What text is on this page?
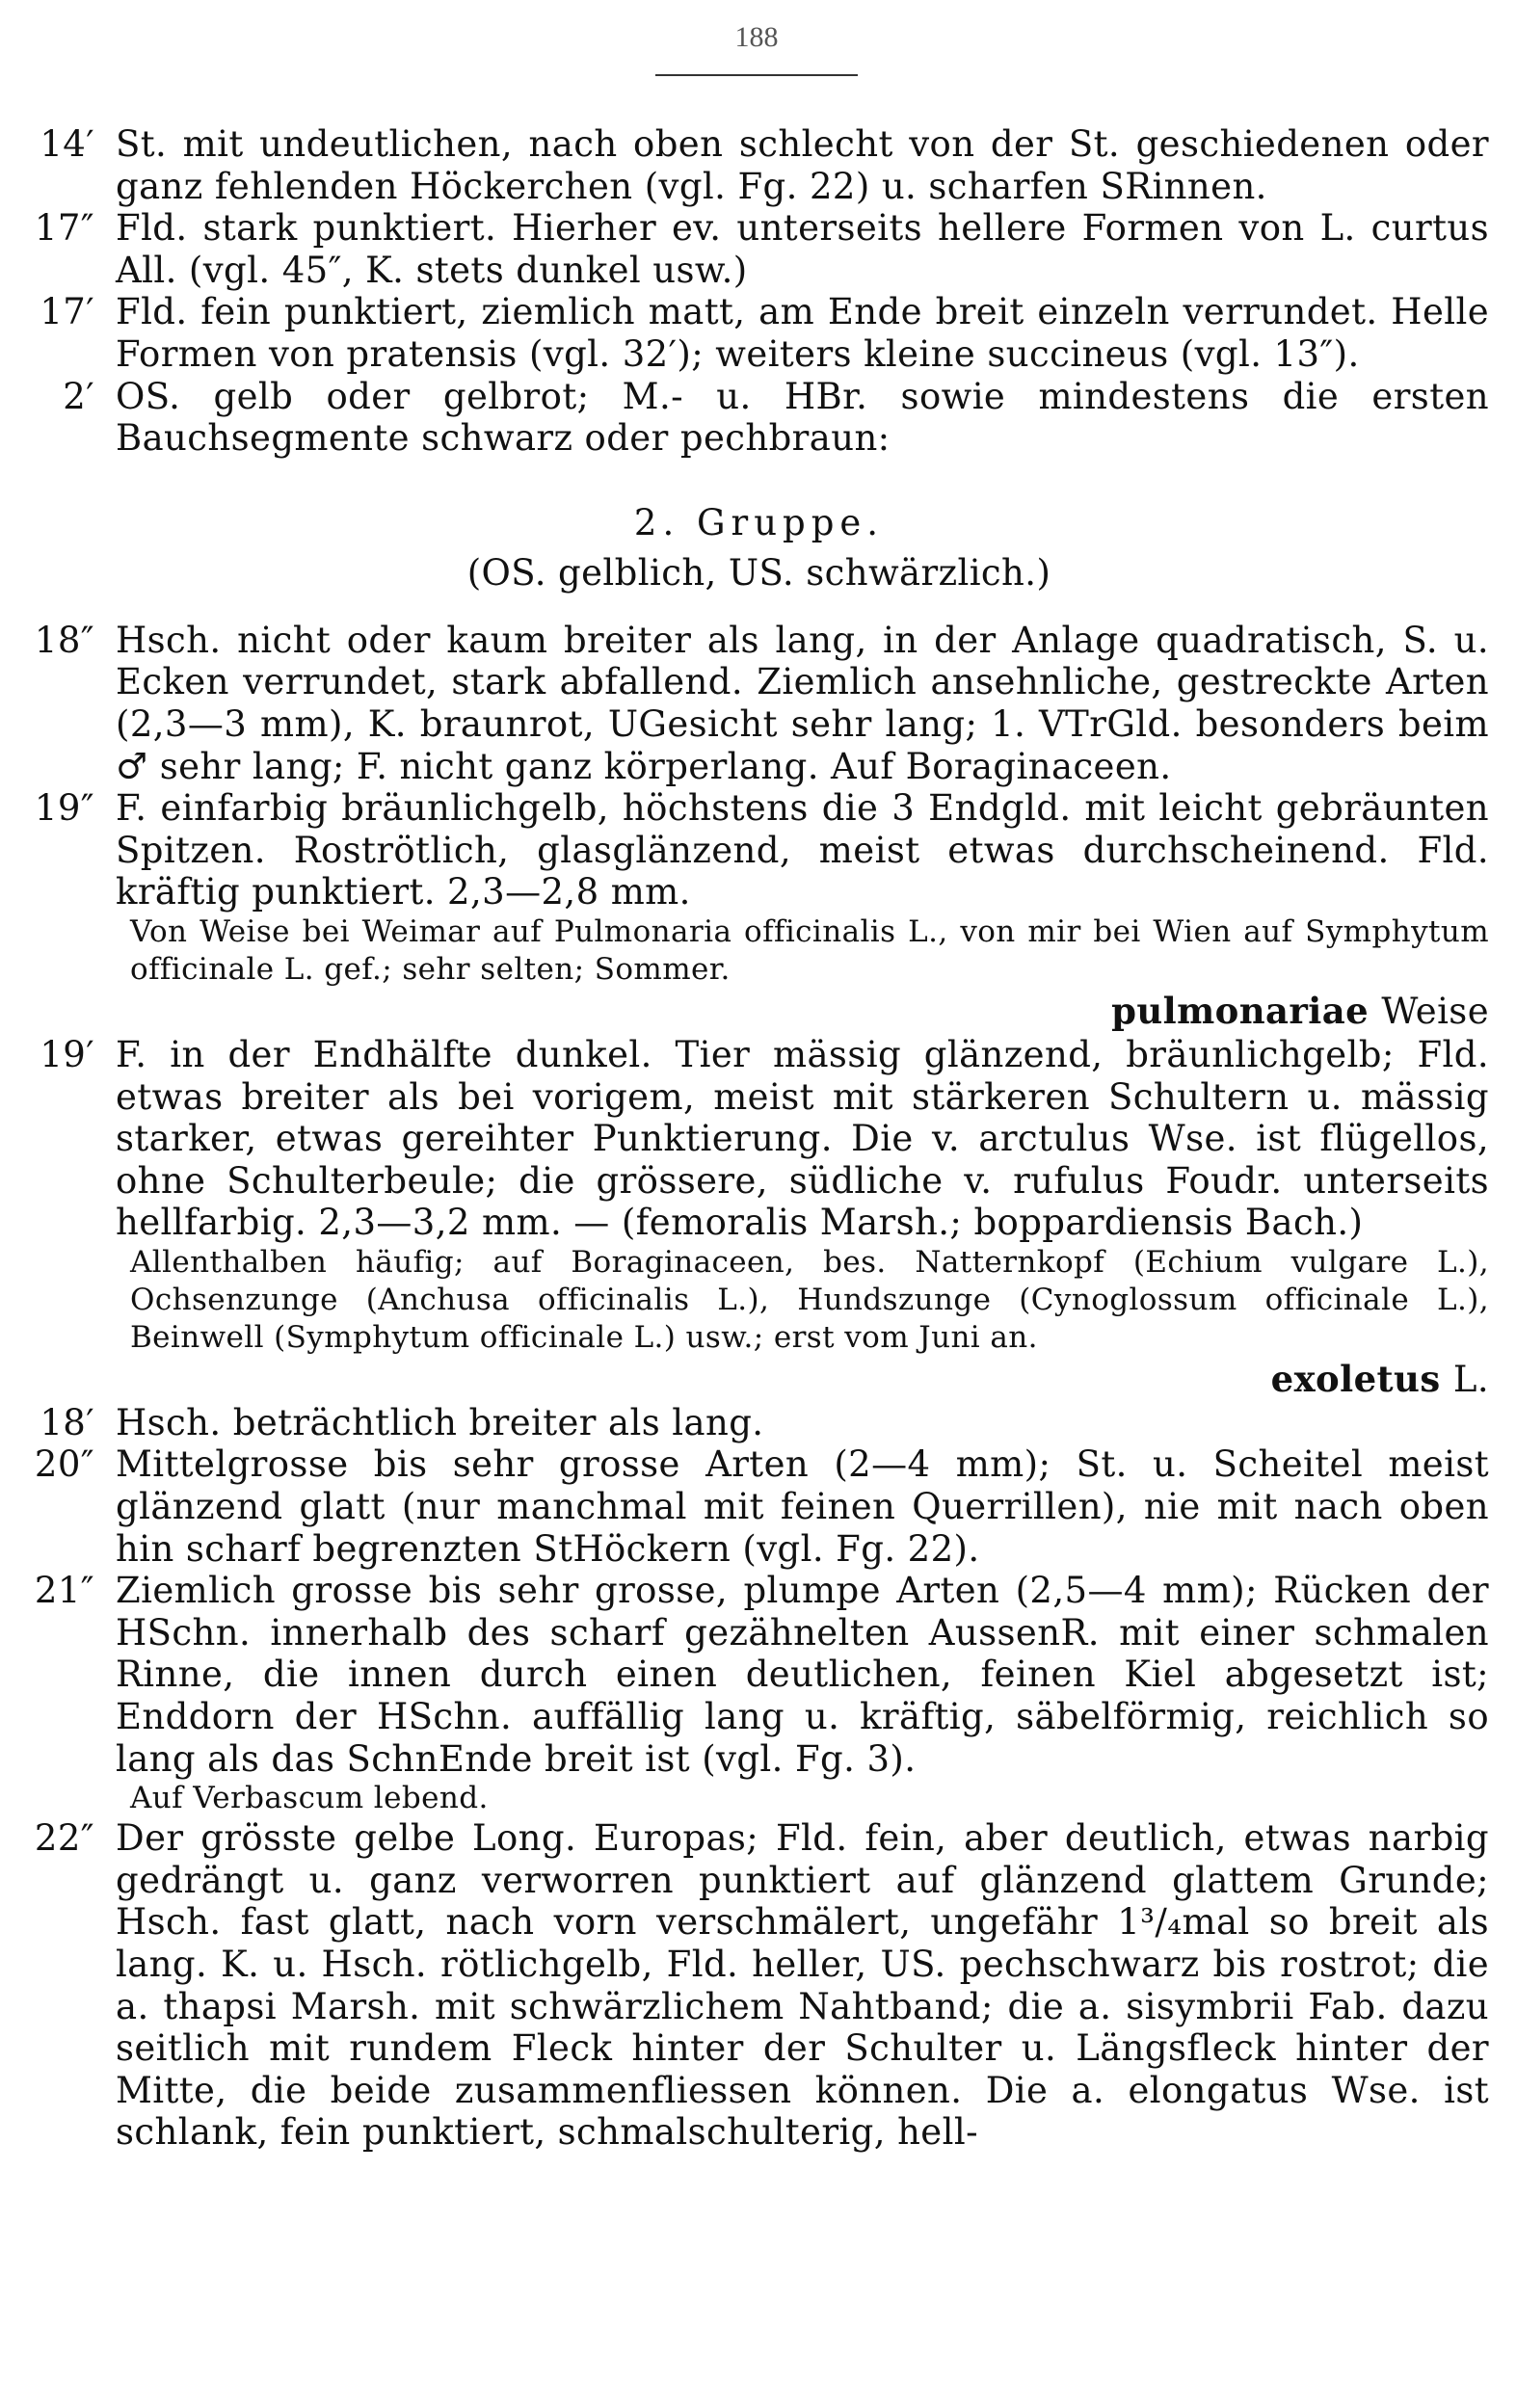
188
14′ St. mit undeutlichen, nach oben schlecht von der St. geschiedenen oder ganz fehlenden Höckerchen (vgl. Fg. 22) u. scharfen SRinnen.
17″ Fld. stark punktiert. Hierher ev. unterseits hellere Formen von L. curtus All. (vgl. 45″, K. stets dunkel usw.)
17′ Fld. fein punktiert, ziemlich matt, am Ende breit einzeln verrundet. Helle Formen von pratensis (vgl. 32′); weiters kleine succineus (vgl. 13″).
2′ OS. gelb oder gelbrot; M.- u. HBr. sowie mindestens die ersten Bauchsegmente schwarz oder pechbraun:
2. Gruppe.
(OS. gelblich, US. schwärzlich.)
18″ Hsch. nicht oder kaum breiter als lang, in der Anlage quadratisch, S. u. Ecken verrundet, stark abfallend. Ziemlich ansehnliche, gestreckte Arten (2,3—3 mm), K. braunrot, UGesicht sehr lang; 1. VTrGld. besonders beim ♂ sehr lang; F. nicht ganz körperlang. Auf Boraginaceen.
19″ F. einfarbig bräunlichgelb, höchstens die 3 Endgld. mit leicht gebräunten Spitzen. Roströtlich, glasglänzend, meist etwas durchscheinend. Fld. kräftig punktiert. 2,3—2,8 mm.
Von Weise bei Weimar auf Pulmonaria officinalis L., von mir bei Wien auf Symphytum officinale L. gef.; sehr selten; Sommer.
pulmonariae Weise
19′ F. in der Endhälfte dunkel. Tier mässig glänzend, bräunlichgelb; Fld. etwas breiter als bei vorigem, meist mit stärkeren Schultern u. mässig starker, etwas gereihter Punktierung. Die v. arctulus Wse. ist flügellos, ohne Schulterbeule; die grössere, südliche v. rufulus Foudr. unterseits hellfarbig. 2,3—3,2 mm. — (femoralis Marsh.; boppardiensis Bach.)
Allenthalben häufig; auf Boraginaceen, bes. Natternkopf (Echium vulgare L.), Ochsenzunge (Anchusa officinalis L.), Hundszunge (Cynoglossum officinale L.), Beinwell (Symphytum officinale L.) usw.; erst vom Juni an.
exoletus L.
18′ Hsch. beträchtlich breiter als lang.
20″ Mittelgrosse bis sehr grosse Arten (2—4 mm); St. u. Scheitel meist glänzend glatt (nur manchmal mit feinen Querrillen), nie mit nach oben hin scharf begrenzten StHöckern (vgl. Fg. 22).
21″ Ziemlich grosse bis sehr grosse, plumpe Arten (2,5—4 mm); Rücken der HSchn. innerhalb des scharf gezähnelten AussenR. mit einer schmalen Rinne, die innen durch einen deutlichen, feinen Kiel abgesetzt ist; Enddorn der HSchn. auffällig lang u. kräftig, säbelförmig, reichlich so lang als das SchnEnde breit ist (vgl. Fg. 3).
Auf Verbascum lebend.
22″ Der grösste gelbe Long. Europas; Fld. fein, aber deutlich, etwas narbig gedrängt u. ganz verworren punktiert auf glänzend glattem Grunde; Hsch. fast glatt, nach vorn verschmälert, ungefähr 1³/₄mal so breit als lang. K. u. Hsch. rötlichgelb, Fld. heller, US. pechschwarz bis rostrot; die a. thapsi Marsh. mit schwärzlichem Nahtband; die a. sisymbrii Fab. dazu seitlich mit rundem Fleck hinter der Schulter u. Längsfleck hinter der Mitte, die beide zusammenfliessen können. Die a. elongatus Wse. ist schlank, fein punktiert, schmalschulterig, hell-
